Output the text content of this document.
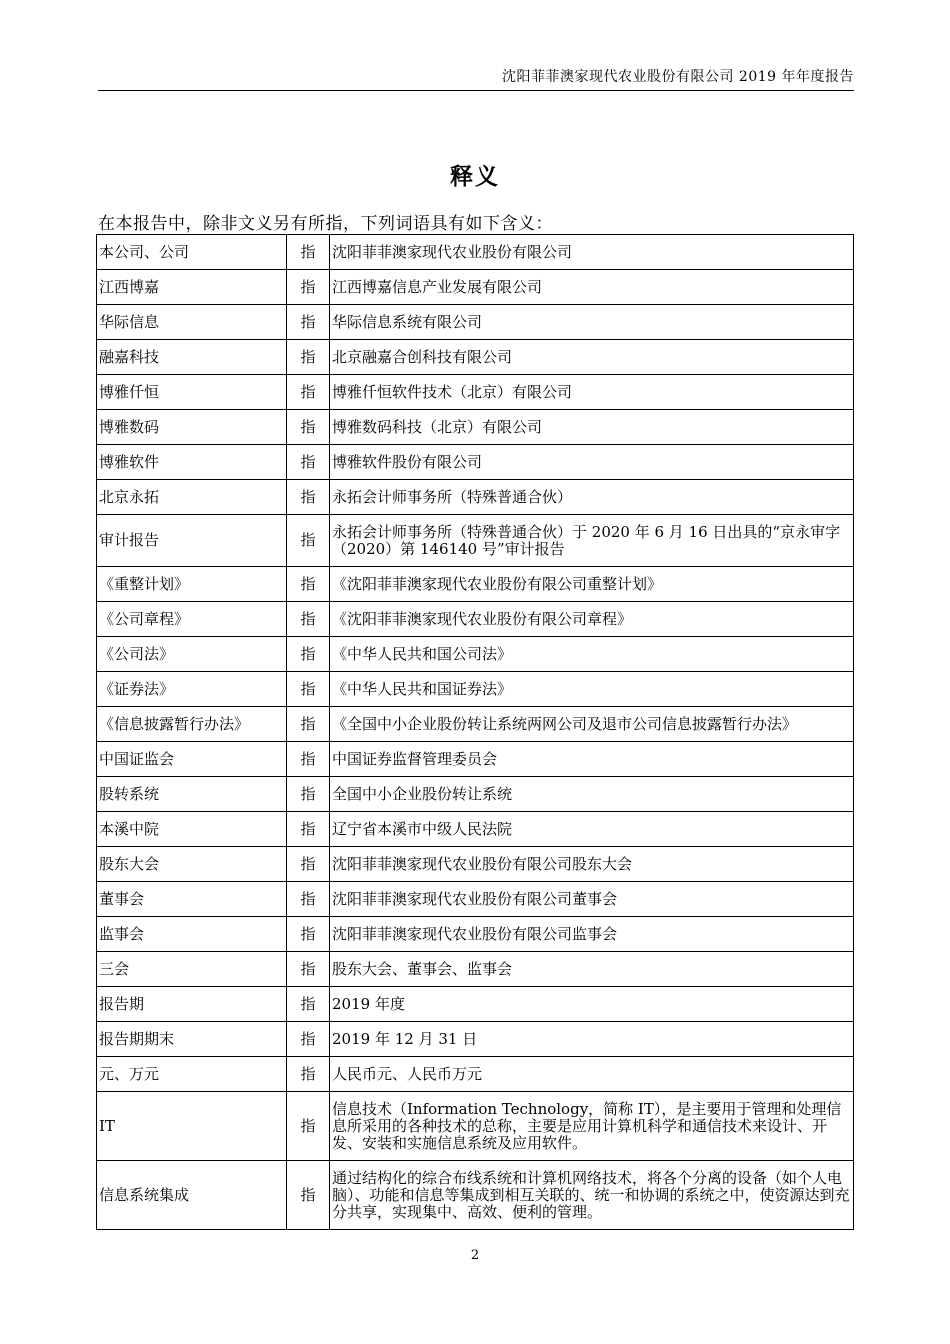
沈阳菲菲澳家现代农业股份有限公司 2019 年年度报告
释义
在本报告中，除非文义另有所指，下列词语具有如下含义：
本公司、公司	指	沈阳菲菲澳家现代农业股份有限公司
江西博嘉	指	江西博嘉信息产业发展有限公司
华际信息	指	华际信息系统有限公司
融嘉科技	指	北京融嘉合创科技有限公司
博雅仟恒	指	博雅仟恒软件技术（北京）有限公司
博雅数码	指	博雅数码科技（北京）有限公司
博雅软件	指	博雅软件股份有限公司
北京永拓	指	永拓会计师事务所（特殊普通合伙）
审计报告	指	永拓会计师事务所（特殊普通合伙）于 2020 年 6 月 16 日出具的“京永审字（2020）第 146140 号”审计报告
《重整计划》	指	《沈阳菲菲澳家现代农业股份有限公司重整计划》
《公司章程》	指	《沈阳菲菲澳家现代农业股份有限公司章程》
《公司法》	指	《中华人民共和国公司法》
《证券法》	指	《中华人民共和国证券法》
《信息披露暂行办法》	指	《全国中小企业股份转让系统两网公司及退市公司信息披露暂行办法》
中国证监会	指	中国证券监督管理委员会
股转系统	指	全国中小企业股份转让系统
本溪中院	指	辽宁省本溪市中级人民法院
股东大会	指	沈阳菲菲澳家现代农业股份有限公司股东大会
董事会	指	沈阳菲菲澳家现代农业股份有限公司董事会
监事会	指	沈阳菲菲澳家现代农业股份有限公司监事会
三会	指	股东大会、董事会、监事会
报告期	指	2019 年度
报告期期末	指	2019 年 12 月 31 日
元、万元	指	人民币元、人民币万元
IT	指	信息技术（Information Technology，简称 IT），是主要用于管理和处理信息所采用的各种技术的总称，主要是应用计算机科学和通信技术来设计、开发、安装和实施信息系统及应用软件。
信息系统集成	指	通过结构化的综合布线系统和计算机网络技术，将各个分离的设备（如个人电脑）、功能和信息等集成到相互关联的、统一和协调的系统之中，使资源达到充分共享，实现集中、高效、便利的管理。
2
